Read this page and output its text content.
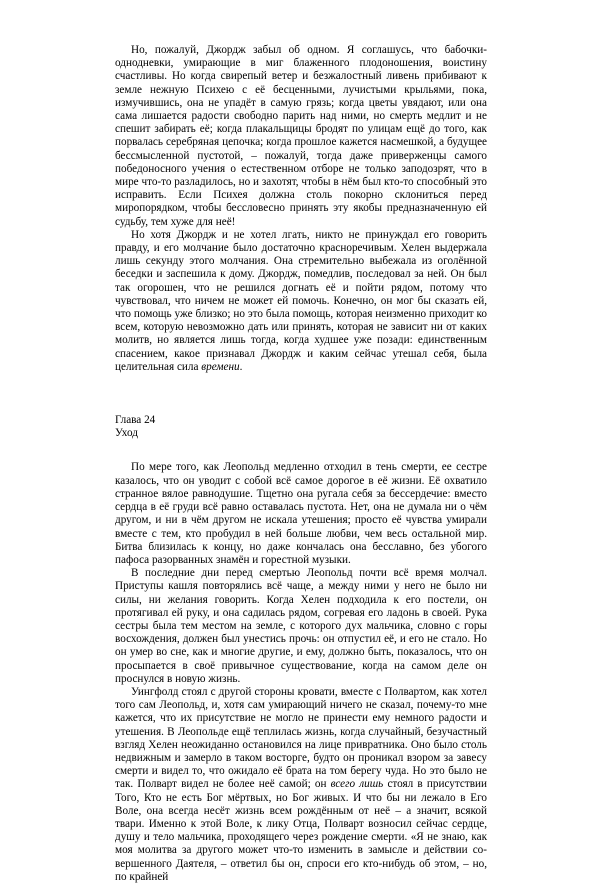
Но, пожалуй, Джордж забыл об одном. Я соглашусь, что бабочки-однодневки, умирающие в миг блаженного плодоношения, воистину счастливы. Но когда свирепый ветер и безжалостный ливень прибивают к земле нежную Психею с её бесценными, лучистыми крыльями, пока, измучившись, она не упадёт в самую грязь; когда цветы увядают, или она сама лишается радости свободно парить над ними, но смерть медлит и не спешит забирать её; когда плакальщицы бродят по улицам ещё до того, как порвалась серебряная цепочка; когда прошлое кажется насмешкой, а будущее бессмысленной пустотой, – пожалуй, тогда даже приверженцы самого победоносного учения о естественном отборе не только заподозрят, что в мире что-то разладилось, но и захотят, чтобы в нём был кто-то способный это исправить. Если Психея должна столь покорно склониться перед миропорядком, чтобы бессловесно принять эту якобы предназначенную ей судьбу, тем хуже для неё!

Но хотя Джордж и не хотел лгать, никто не принуждал его говорить правду, и его молчание было достаточно красноречивым. Хелен выдержала лишь секунду этого молчания. Она стремительно выбежала из оголённой беседки и заспешила к дому. Джордж, помедлив, последовал за ней. Он был так огорошен, что не решился догнать её и пойти рядом, потому что чувствовал, что ничем не может ей помочь. Конечно, он мог бы сказать ей, что помощь уже близко; но это была помощь, которая неизменно приходит ко всем, которую невозможно дать или принять, которая не зависит ни от каких молитв, но является лишь тогда, когда худшее уже позади: единственным спасением, какое признавал Джордж и каким сейчас утешал себя, была целительная сила времени.

Глава 24
Уход

По мере того, как Леопольд медленно отходил в тень смерти, ее сестре казалось, что он уводит с собой всё самое дорогое в её жизни. Её охватило странное вялое равнодушие. Тщетно она ругала себя за бессердечие: вместо сердца в её груди всё равно оставалась пустота. Нет, она не думала ни о чём другом, и ни в чём другом не искала утешения; просто её чувства умирали вместе с тем, кто пробудил в ней больше любви, чем весь остальной мир. Битва близилась к концу, но даже кончалась она бесславно, без убогого пафоса разорванных знамён и горестной музыки.

В последние дни перед смертью Леопольд почти всё время молчал. Приступы кашля повторялись всё чаще, а между ними у него не было ни силы, ни желания говорить. Когда Хелен подходила к его постели, он протягивал ей руку, и она садилась рядом, согревая его ладонь в своей. Рука сестры была тем местом на земле, с которого дух мальчика, словно с горы восхождения, должен был унестись прочь: он отпустил её, и его не стало. Но он умер во сне, как и многие другие, и ему, должно быть, показалось, что он просыпается в своё привычное существование, когда на самом деле он проснулся в новую жизнь.

Уингфолд стоял с другой стороны кровати, вместе с Полвартом, как хотел того сам Леопольд, и, хотя сам умирающий ничего не сказал, почему-то мне кажется, что их присутствие не могло не принести ему немного радости и утешения. В Леопольде ещё теплилась жизнь, когда случайный, безучастный взгляд Хелен неожиданно остановился на лице привратника. Оно было столь недвижным и замерло в таком восторге, будто он проникал взором за завесу смерти и видел то, что ожидало её брата на том берегу чуда. Но это было не так. Полварт видел не более неё самой; он всего лишь стоял в присутствии Того, Кто не есть Бог мёртвых, но Бог живых. И что бы ни лежало в Его Воле, она всегда несёт жизнь всем рождённым от неё – а значит, всякой твари. Именно к этой Воле, к лику Отца, Полварт возносил сейчас сердце, душу и тело мальчика, проходящего через рождение смерти. «Я не знаю, как моя молитва за другого может что-то изменить в замысле и действии совершенного Даятеля, – ответил бы он, спроси его кто-нибудь об этом, – но, по крайней
